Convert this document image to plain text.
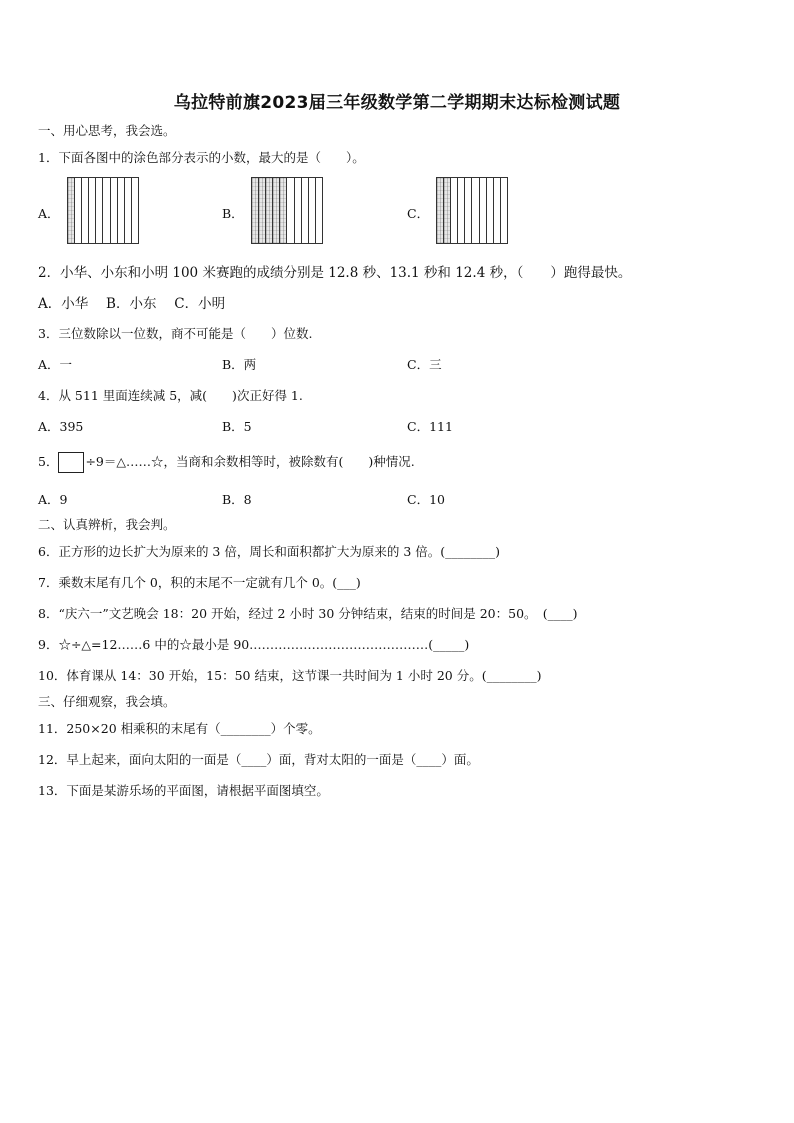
乌拉特前旗2023届三年级数学第二学期期末达标检测试题
一、用心思考，我会选。
1．下面各图中的涂色部分表示的小数，最大的是（　　）。
A．	B．	C．
2．小华、小东和小明 100 米赛跑的成绩分别是 12.8 秒、13.1 秒和 12.4 秒，（　　）跑得最快。
A．小华　 B．小东　 C．小明
3．三位数除以一位数，商不可能是（　　）位数.
A．一	B．两	C．三
4．从 511 里面连续减 5，减(　　)次正好得 1.
A．395	B．5	C．111
5． ÷9＝△……☆，当商和余数相等时，被除数有(　　)种情况.
A．9	B．8	C．10
二、认真辨析，我会判。
6．正方形的边长扩大为原来的 3 倍，周长和面积都扩大为原来的 3 倍。(________)
7．乘数末尾有几个 0，积的末尾不一定就有几个 0。(___)
8．“庆六一”文艺晚会 18：20 开始，经过 2 小时 30 分钟结束，结束的时间是 20：50。　(____)
9．☆÷△=12……6 中的☆最小是 90.……………………………………(_____)
10．体育课从 14：30 开始，15：50 结束，这节课一共时间为 1 小时 20 分。(________)
三、仔细观察，我会填。
11．250×20 相乘积的末尾有（________）个零。
12．早上起来，面向太阳的一面是（____）面，背对太阳的一面是（____）面。
13．下面是某游乐场的平面图，请根据平面图填空。
